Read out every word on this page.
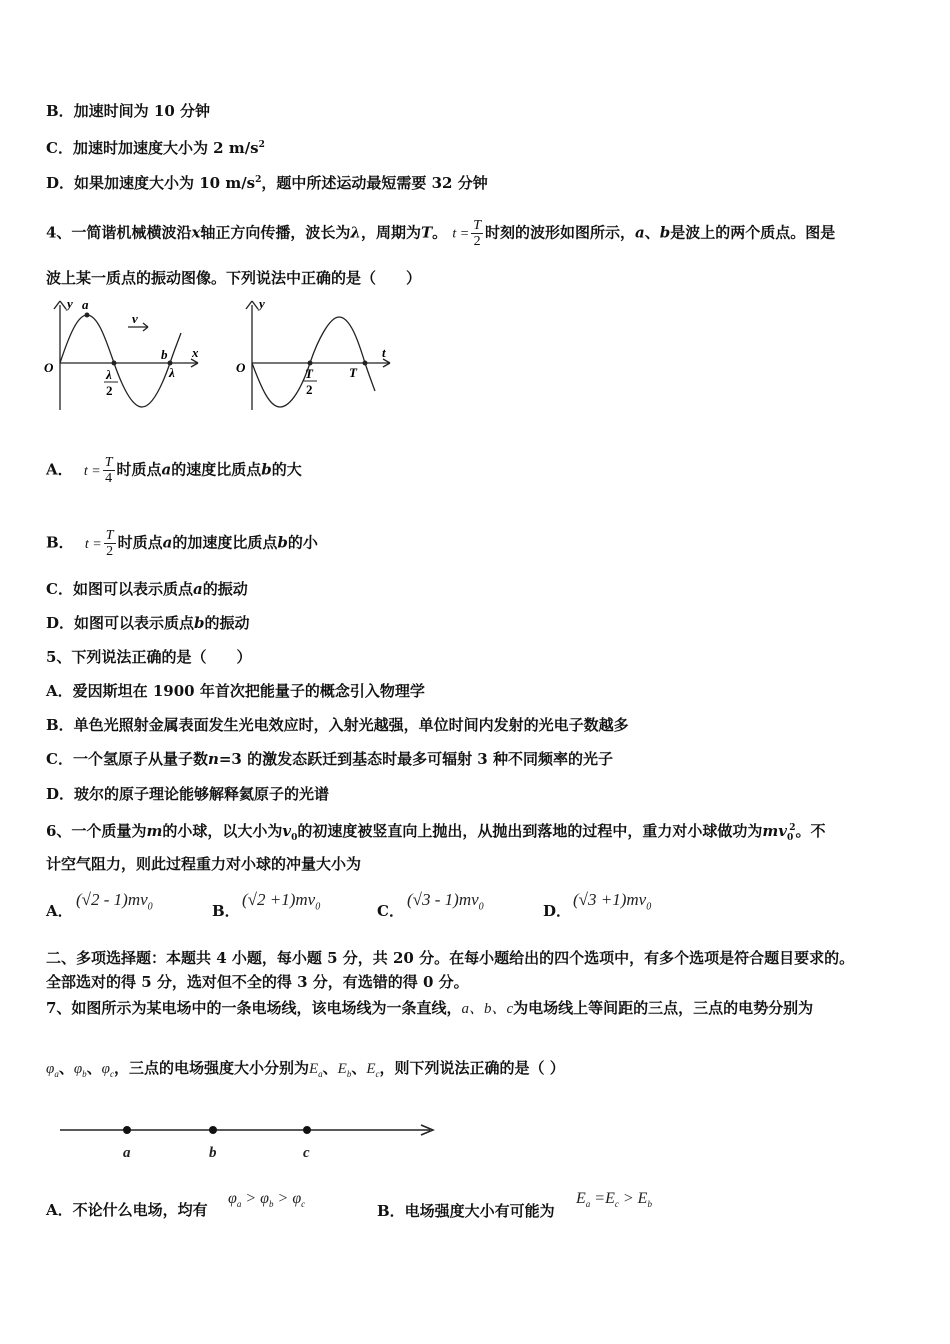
B．加速时间为 10 分钟
C．加速时加速度大小为 2 $m/s^2$
D．如果加速度大小为 10 $m/s^2$，题中所述运动最短需要 32 分钟
4、一简谐机械横波沿x轴正方向传播，波长为λ，周期为T。 $t = \frac{T}{2}$ 时刻的波形如图所示，a、b是波上的两个质点。图是
波上某一质点的振动图像。下列说法中正确的是（　　）
y a
v
O
b x
λ
2
λ
y
O
t
T
2
T
A． $t = \frac{T}{4}$ 时质点a的速度比质点b的大
B． $t = \frac{T}{2}$ 时质点a的加速度比质点b的小
C．如图可以表示质点a的振动
D．如图可以表示质点b的振动
5、下列说法正确的是（　　）
A．爱因斯坦在 1900 年首次把能量子的概念引入物理学
B．单色光照射金属表面发生光电效应时，入射光越强，单位时间内发射的光电子数越多
C．一个氢原子从量子数n=3 的激发态跃迁到基态时最多可辐射 3 种不同频率的光子
D．玻尔的原子理论能够解释氦原子的光谱
6、一个质量为m的小球，以大小为$v_0$的初速度被竖直向上抛出，从抛出到落地的过程中，重力对小球做功为$mv_0^2$。不
计空气阻力，则此过程重力对小球的冲量大小为
A．
$(√2 - 1)mv_0$	B．
$(√2 +1)mv_0$	C．
$(√3 - 1)mv_0$	D．
$(√3 +1)mv_0$
二、多项选择题：本题共 4 小题，每小题 5 分，共 20 分。在每小题给出的四个选项中，有多个选项是符合题目要求的。
全部选对的得 5 分，选对但不全的得 3 分，有选错的得 0 分。
7、如图所示为某电场中的一条电场线，该电场线为一条直线，a、b、c为电场线上等间距的三点，三点的电势分别为
$\varphi_a$、$\varphi_b$、$\varphi_c$，三点的电场强度大小分别为$E_a$、$E_b$、$E_c$，则下列说法正确的是（ ）
a	b	c
A．不论什么电场，均有
$\varphi_a > \varphi_b > \varphi_c$	B．电场强度大小有可能为
$E_a =E_c > E_b$
